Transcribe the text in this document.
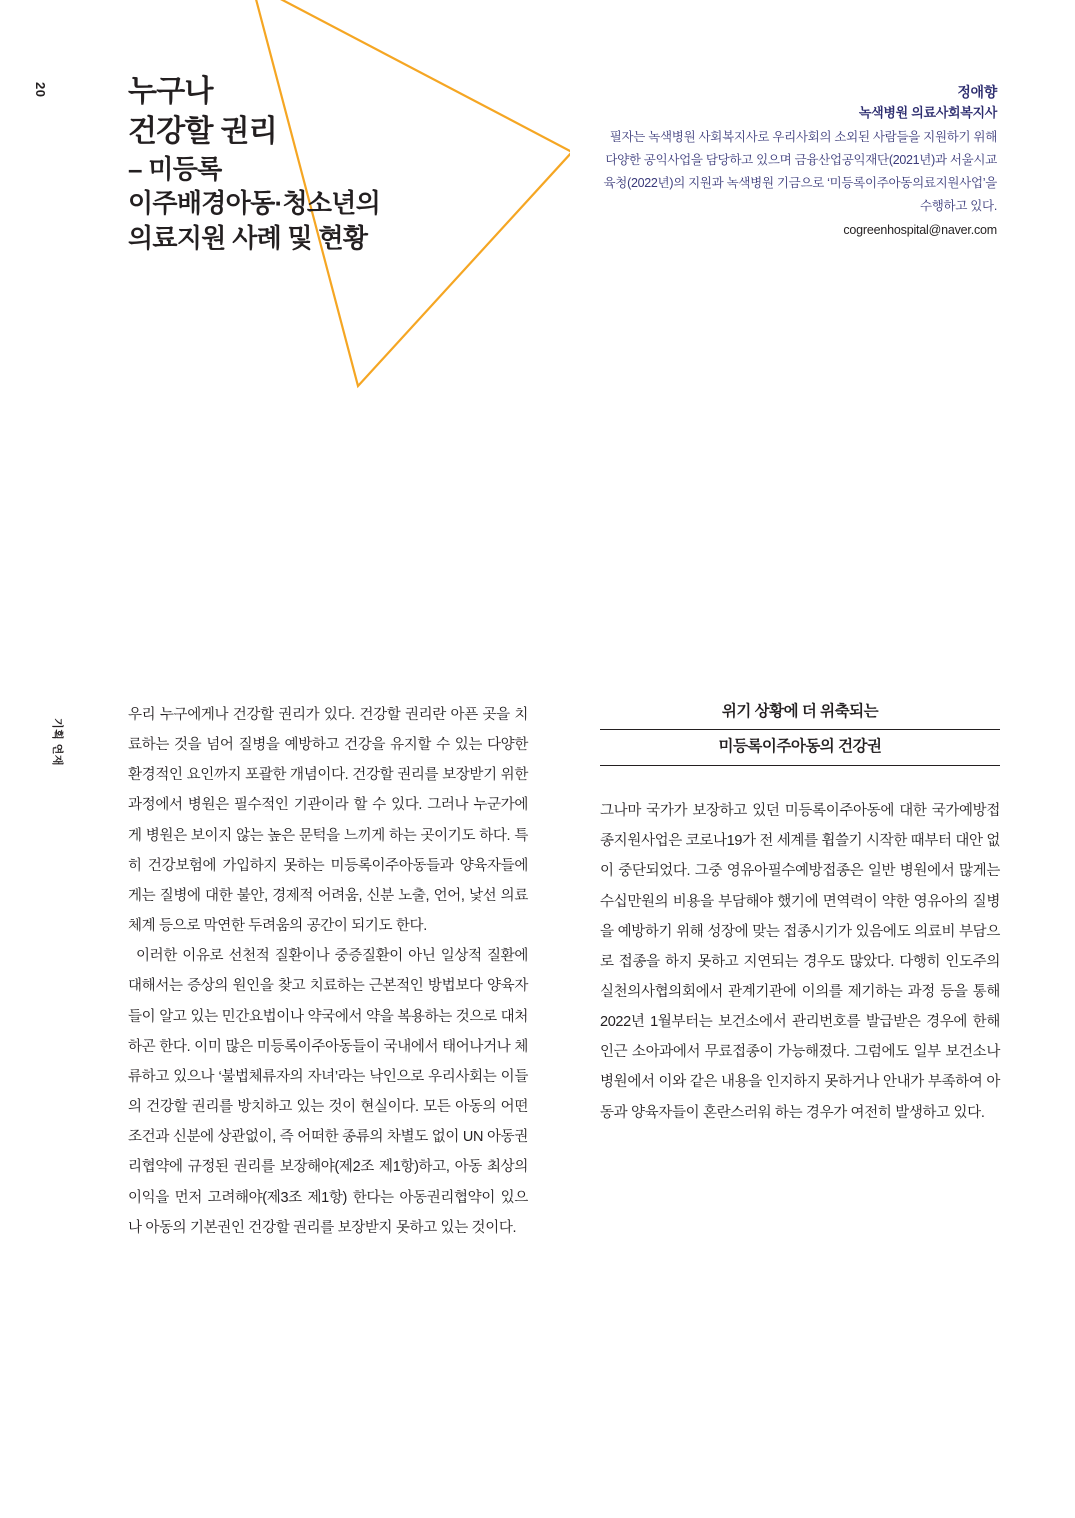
20
기획 연재
누구나
건강할 권리
– 미등록
이주배경아동·청소년의
의료지원 사례 및 현황
정애향
녹색병원 의료사회복지사
필자는 녹색병원 사회복지사로 우리사회의 소외된 사람들을 지원하기 위해 다양한 공익사업을 담당하고 있으며 금융산업공익재단(2021년)과 서울시교육청(2022년)의 지원과 녹색병원 기금으로 ‘미등록이주아동의료지원사업’을 수행하고 있다.
cogreenhospital@naver.com

우리 누구에게나 건강할 권리가 있다. 건강할 권리란 아픈 곳을 치료하는 것을 넘어 질병을 예방하고 건강을 유지할 수 있는 다양한 환경적인 요인까지 포괄한 개념이다. 건강할 권리를 보장받기 위한 과정에서 병원은 필수적인 기관이라 할 수 있다. 그러나 누군가에게 병원은 보이지 않는 높은 문턱을 느끼게 하는 곳이기도 하다. 특히 건강보험에 가입하지 못하는 미등록이주아동들과 양육자들에게는 질병에 대한 불안, 경제적 어려움, 신분 노출, 언어, 낯선 의료체계 등으로 막연한 두려움의 공간이 되기도 한다.

이러한 이유로 선천적 질환이나 중증질환이 아닌 일상적 질환에 대해서는 증상의 원인을 찾고 치료하는 근본적인 방법보다 양육자들이 알고 있는 민간요법이나 약국에서 약을 복용하는 것으로 대처하곤 한다. 이미 많은 미등록이주아동들이 국내에서 태어나거나 체류하고 있으나 ‘불법체류자의 자녀’라는 낙인으로 우리사회는 이들의 건강할 권리를 방치하고 있는 것이 현실이다. 모든 아동의 어떤 조건과 신분에 상관없이, 즉 어떠한 종류의 차별도 없이 UN 아동권리협약에 규정된 권리를 보장해야(제2조 제1항)하고, 아동 최상의 이익을 먼저 고려해야(제3조 제1항) 한다는 아동권리협약이 있으나 아동의 기본권인 건강할 권리를 보장받지 못하고 있는 것이다.

위기 상황에 더 위축되는
미등록이주아동의 건강권

그나마 국가가 보장하고 있던 미등록이주아동에 대한 국가예방접종지원사업은 코로나19가 전 세계를 휩쓸기 시작한 때부터 대안 없이 중단되었다. 그중 영유아필수예방접종은 일반 병원에서 많게는 수십만원의 비용을 부담해야 했기에 면역력이 약한 영유아의 질병을 예방하기 위해 성장에 맞는 접종시기가 있음에도 의료비 부담으로 접종을 하지 못하고 지연되는 경우도 많았다. 다행히 인도주의실천의사협의회에서 관계기관에 이의를 제기하는 과정 등을 통해 2022년 1월부터는 보건소에서 관리번호를 발급받은 경우에 한해 인근 소아과에서 무료접종이 가능해졌다. 그럼에도 일부 보건소나 병원에서 이와 같은 내용을 인지하지 못하거나 안내가 부족하여 아동과 양육자들이 혼란스러워 하는 경우가 여전히 발생하고 있다.
